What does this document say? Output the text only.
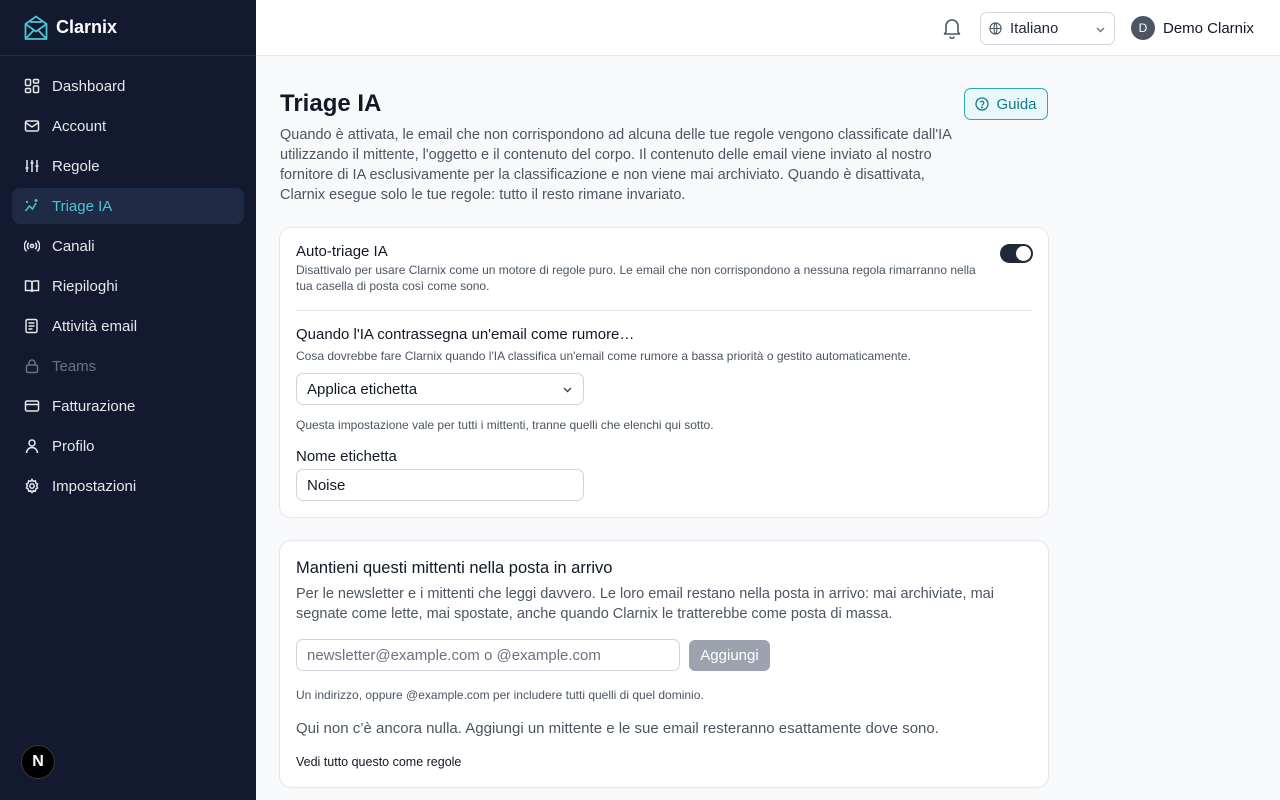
Clarnix
Dashboard
Account
Regole
Triage IA
Canali
Riepiloghi
Attività email
Teams
Fatturazione
Profilo
Impostazioni
N
Italiano	D	Demo Clarnix
Triage IA	Guida
Quando è attivata, le email che non corrispondono ad alcuna delle tue regole vengono classificate dall'IA utilizzando il mittente, l'oggetto e il contenuto del corpo. Il contenuto delle email viene inviato al nostro fornitore di IA esclusivamente per la classificazione e non viene mai archiviato. Quando è disattivata, Clarnix esegue solo le tue regole: tutto il resto rimane invariato.
Auto-triage IA
Disattivalo per usare Clarnix come un motore di regole puro. Le email che non corrispondono a nessuna regola rimarranno nella tua casella di posta così come sono.
Quando l'IA contrassegna un'email come rumore…
Cosa dovrebbe fare Clarnix quando l'IA classifica un'email come rumore a bassa priorità o gestito automaticamente.
Applica etichetta
Questa impostazione vale per tutti i mittenti, tranne quelli che elenchi qui sotto.
Nome etichetta
Noise
Mantieni questi mittenti nella posta in arrivo
Per le newsletter e i mittenti che leggi davvero. Le loro email restano nella posta in arrivo: mai archiviate, mai segnate come lette, mai spostate, anche quando Clarnix le tratterebbe come posta di massa.
newsletter@example.com o @example.com	Aggiungi
Un indirizzo, oppure @example.com per includere tutti quelli di quel dominio.
Qui non c’è ancora nulla. Aggiungi un mittente e le sue email resteranno esattamente dove sono.
Vedi tutto questo come regole
